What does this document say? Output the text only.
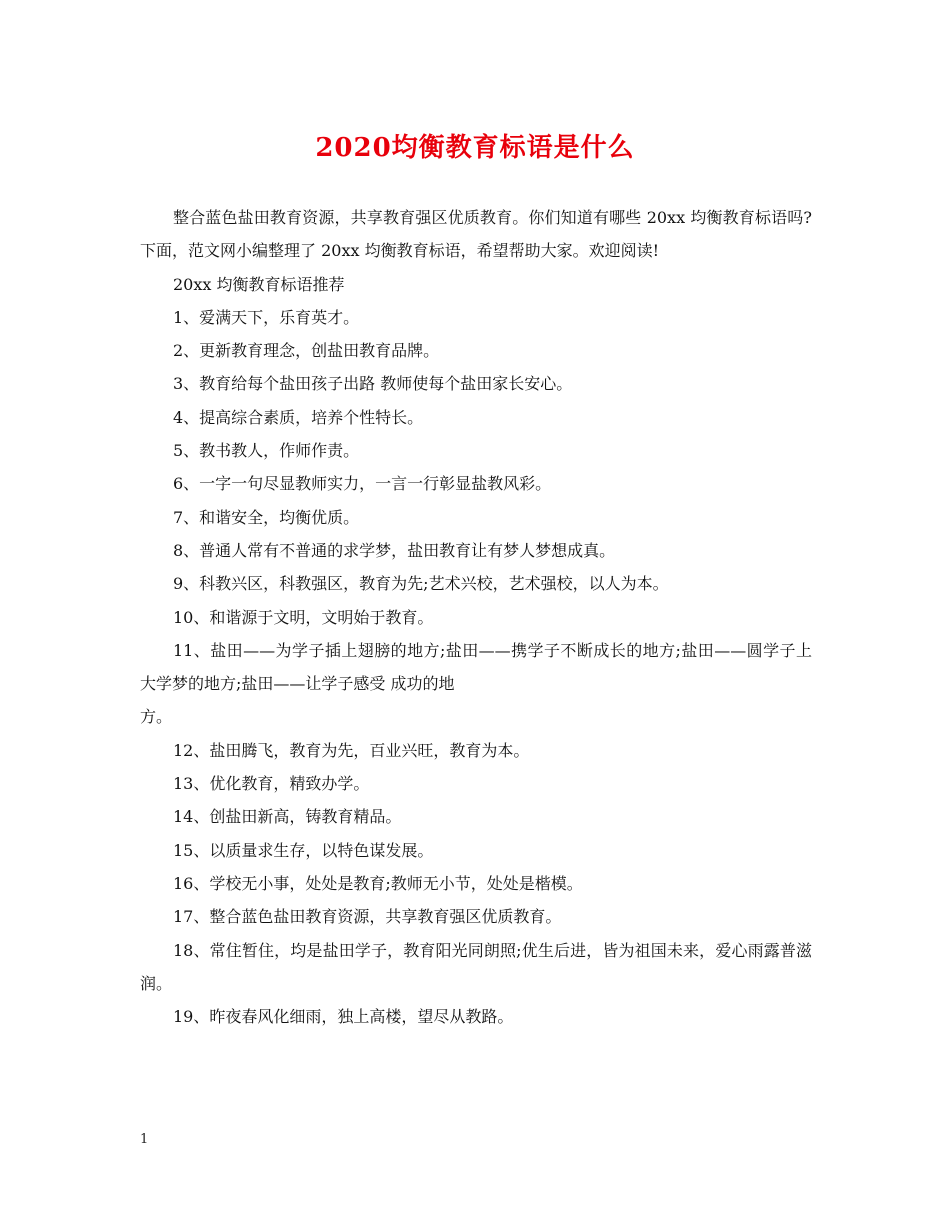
2020均衡教育标语是什么

整合蓝色盐田教育资源，共享教育强区优质教育。你们知道有哪些 20xx 均衡教育标语吗?下面，范文网小编整理了 20xx 均衡教育标语，希望帮助大家。欢迎阅读!

20xx 均衡教育标语推荐

1、爱满天下，乐育英才。

2、更新教育理念，创盐田教育品牌。

3、教育给每个盐田孩子出路 教师使每个盐田家长安心。

4、提高综合素质，培养个性特长。

5、教书教人，作师作责。

6、一字一句尽显教师实力，一言一行彰显盐教风彩。

7、和谐安全，均衡优质。

8、普通人常有不普通的求学梦，盐田教育让有梦人梦想成真。

9、科教兴区，科教强区，教育为先;艺术兴校，艺术强校，以人为本。

10、和谐源于文明，文明始于教育。

11、盐田——为学子插上翅膀的地方;盐田——携学子不断成长的地方;盐田——圆学子上大学梦的地方;盐田——让学子感受 成功的地

方。

12、盐田腾飞，教育为先，百业兴旺，教育为本。

13、优化教育，精致办学。

14、创盐田新高，铸教育精品。

15、以质量求生存，以特色谋发展。

16、学校无小事，处处是教育;教师无小节，处处是楷模。

17、整合蓝色盐田教育资源，共享教育强区优质教育。

18、常住暂住，均是盐田学子，教育阳光同朗照;优生后进，皆为祖国未来，爱心雨露普滋润。

19、昨夜春风化细雨，独上高楼，望尽从教路。

1
